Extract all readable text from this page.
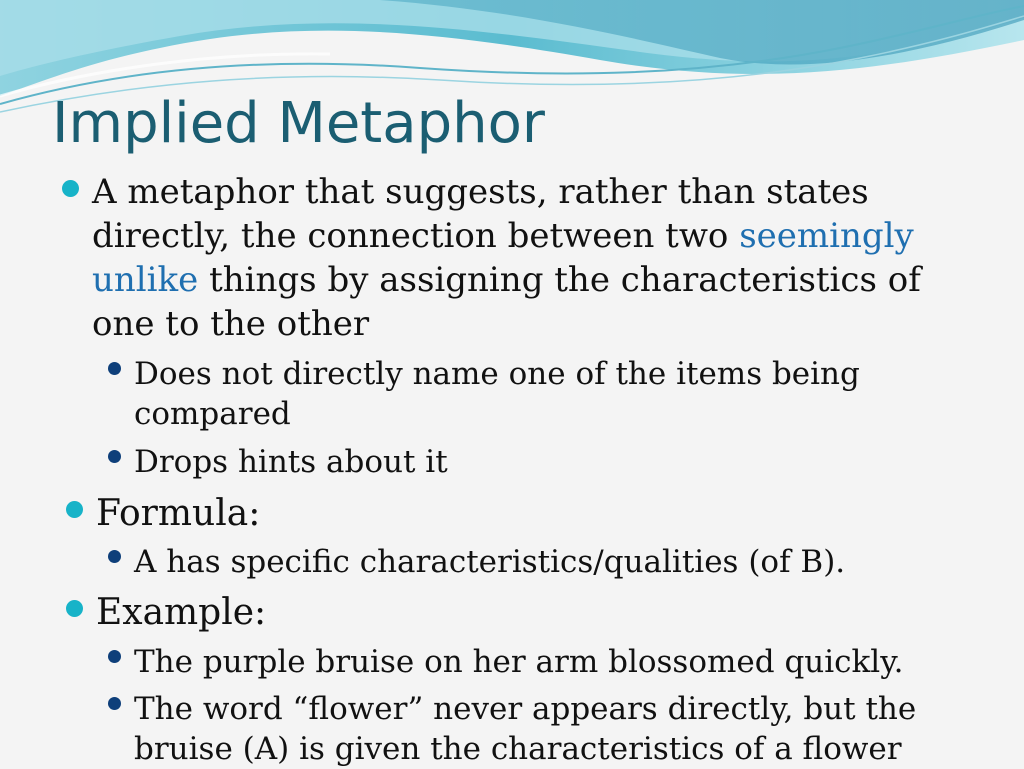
Implied Metaphor
A metaphor that suggests, rather than states directly, the connection between two seemingly unlike things by assigning the characteristics of one to the other
Does not directly name one of the items being compared
Drops hints about it
Formula:
A has specific characteristics/qualities (of B).
Example:
The purple bruise on her arm blossomed quickly.
The word “flower” never appears directly, but the bruise (A) is given the characteristics of a flower
